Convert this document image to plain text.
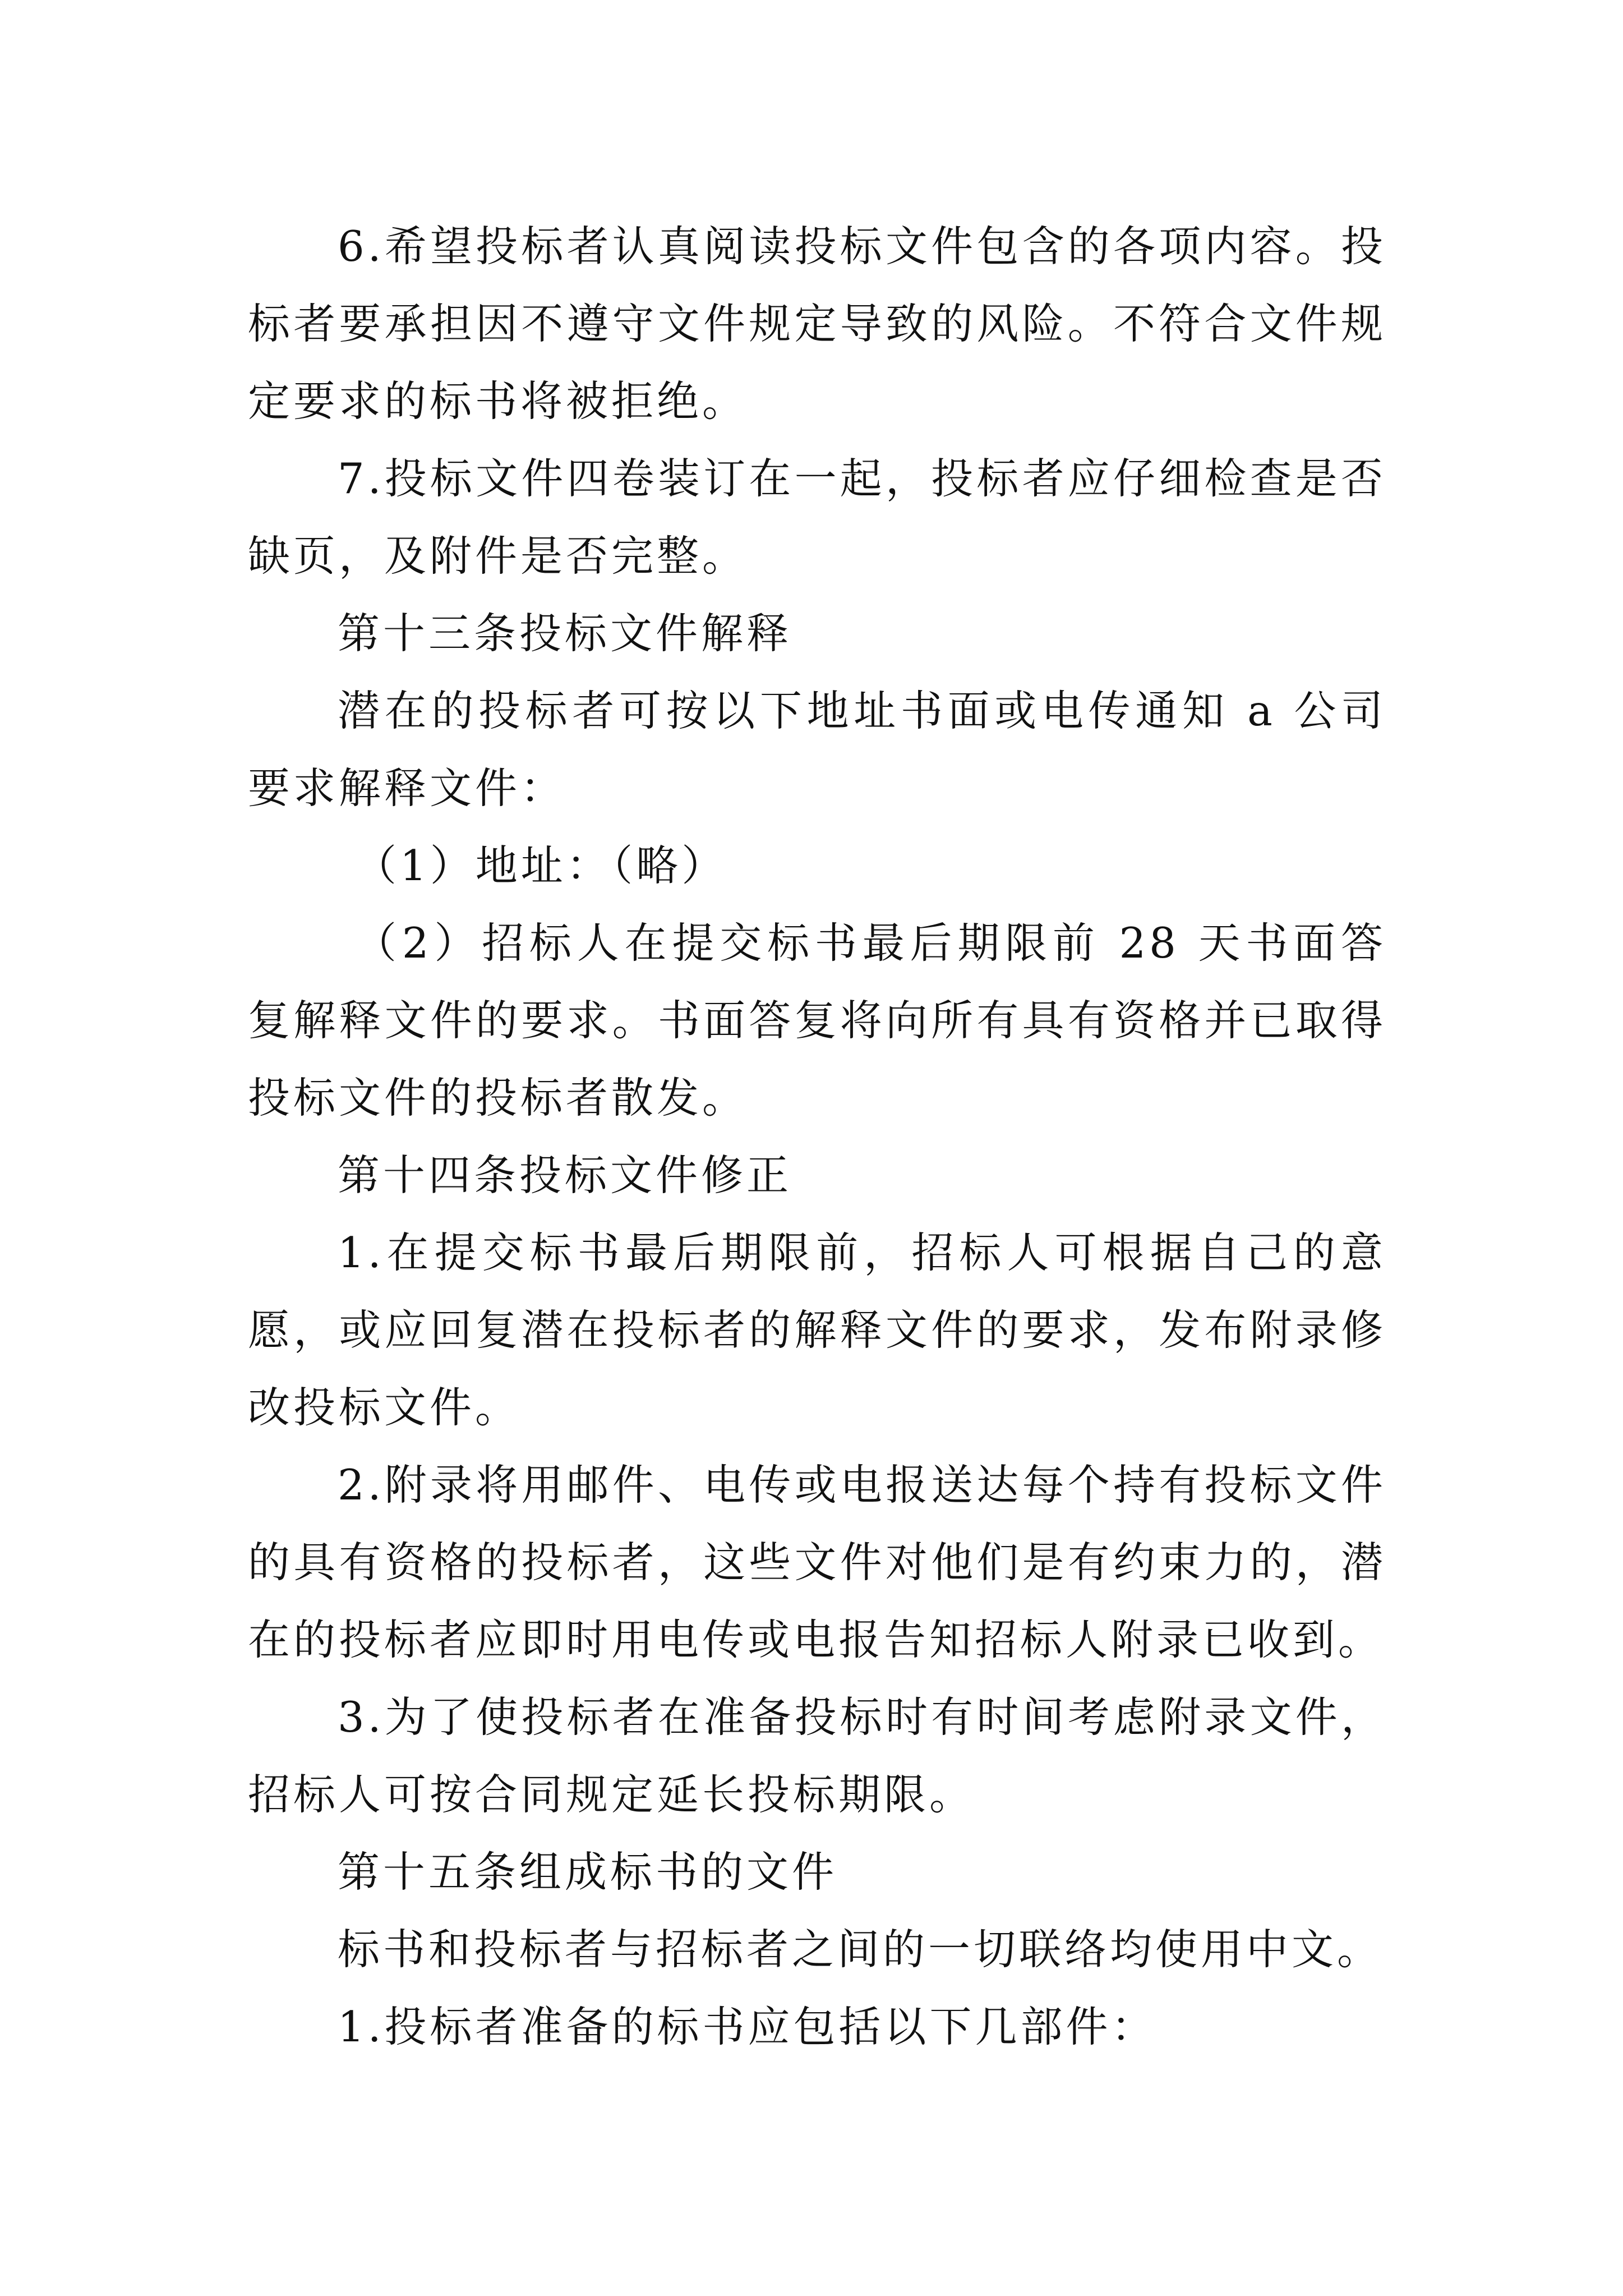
6.希望投标者认真阅读投标文件包含的各项内容。投标者要承担因不遵守文件规定导致的风险。不符合文件规定要求的标书将被拒绝。

7.投标文件四卷装订在一起，投标者应仔细检查是否缺页，及附件是否完整。

第十三条投标文件解释

潜在的投标者可按以下地址书面或电传通知 a 公司要求解释文件：

（1）地址：（略）

（2）招标人在提交标书最后期限前 28 天书面答复解释文件的要求。书面答复将向所有具有资格并已取得投标文件的投标者散发。

第十四条投标文件修正

1.在提交标书最后期限前，招标人可根据自己的意愿，或应回复潜在投标者的解释文件的要求，发布附录修改投标文件。

2.附录将用邮件、电传或电报送达每个持有投标文件的具有资格的投标者，这些文件对他们是有约束力的，潜在的投标者应即时用电传或电报告知招标人附录已收到。

3.为了使投标者在准备投标时有时间考虑附录文件，招标人可按合同规定延长投标期限。

第十五条组成标书的文件

标书和投标者与招标者之间的一切联络均使用中文。

1.投标者准备的标书应包括以下几部件：
